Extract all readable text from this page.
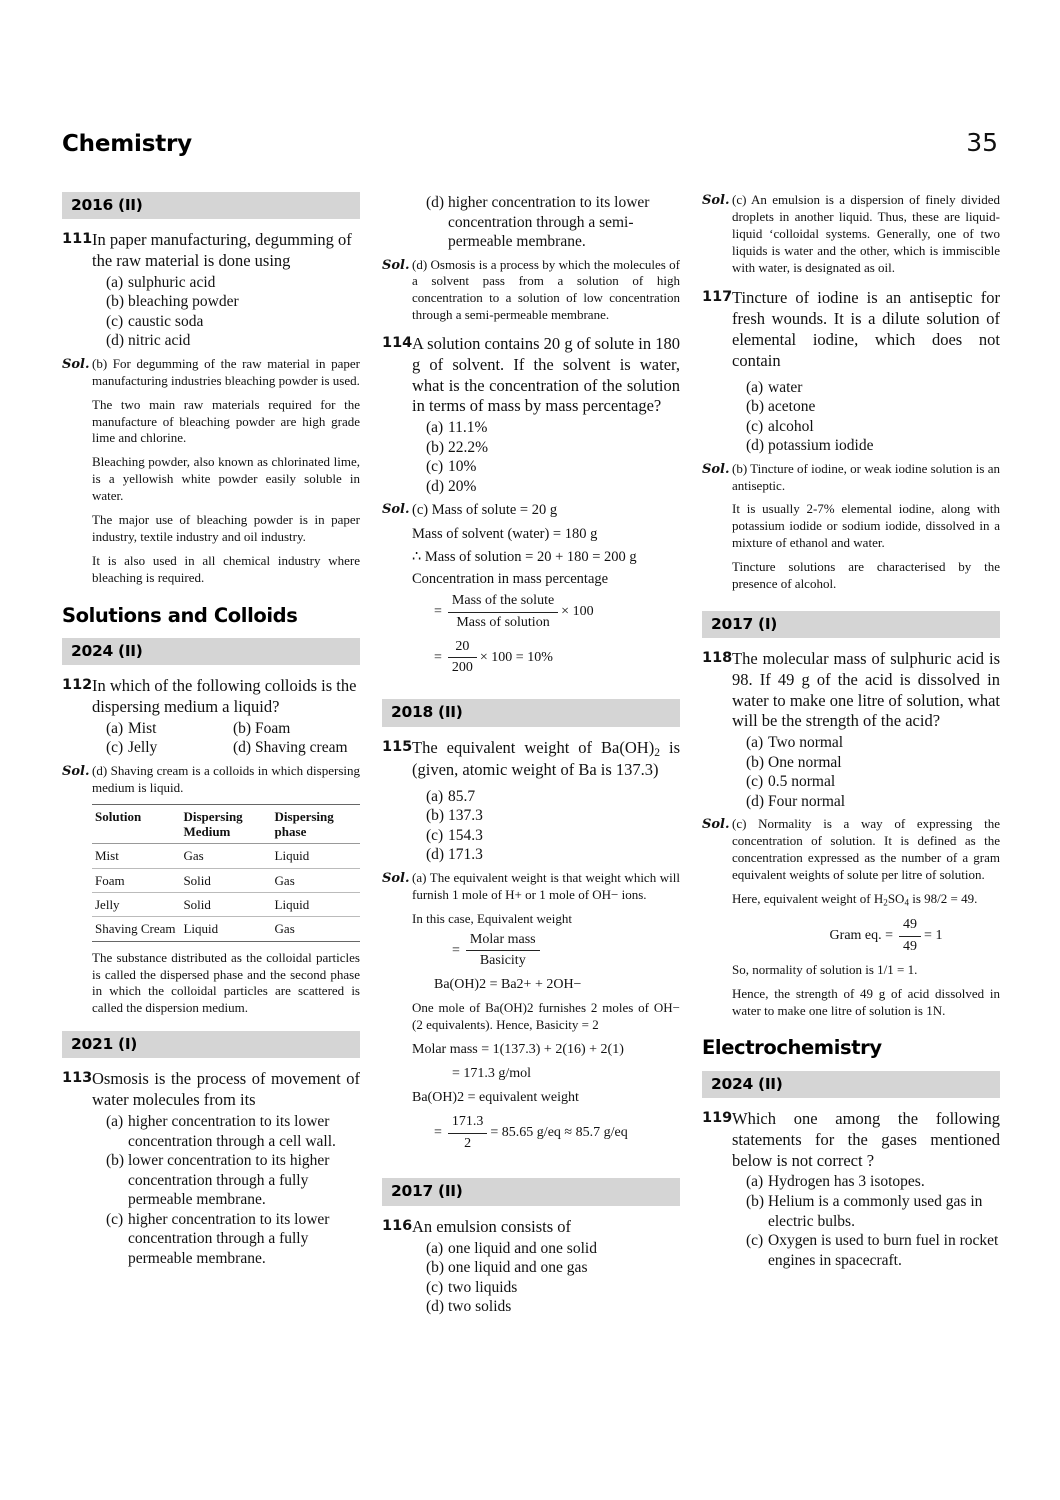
Chemistry	35
2016 (II)
111 In paper manufacturing, degumming of the raw material is done using
(a) sulphuric acid
(b) bleaching powder
(c) caustic soda
(d) nitric acid
Sol. (b) For degumming of the raw material in paper manufacturing industries bleaching powder is used.

The two main raw materials required for the manufacture of bleaching powder are high grade lime and chlorine.

Bleaching powder, also known as chlorinated lime, is a yellowish white powder easily soluble in water.

The major use of bleaching powder is in paper industry, textile industry and oil industry.

It is also used in all chemical industry where bleaching is required.

Solutions and Colloids
2024 (II)
112 In which of the following colloids is the dispersing medium a liquid?
(a) Mist	(b) Foam
(c) Jelly	(d) Shaving cream
Sol. (d) Shaving cream is a colloids in which dispersing medium is liquid.

Solution	Dispersing Medium	Dispersing phase
Mist	Gas	Liquid
Foam	Solid	Gas
Jelly	Solid	Liquid
Shaving Cream	Liquid	Gas

The substance distributed as the colloidal particles is called the dispersed phase and the second phase in which the colloidal particles are scattered is called the dispersion medium.

2021 (I)
113 Osmosis is the process of movement of water molecules from its
(a) higher concentration to its lower concentration through a cell wall.
(b) lower concentration to its higher concentration through a fully permeable membrane.
(c) higher concentration to its lower concentration through a fully permeable membrane.
(d) higher concentration to its lower concentration through a semi-permeable membrane.
Sol. (d) Osmosis is a process by which the molecules of a solvent pass from a solution of high concentration to a solution of low concentration through a semi-permeable membrane.

114 A solution contains 20 g of solute in 180 g of solvent. If the solvent is water, what is the concentration of the solution in terms of mass by mass percentage?
(a) 11.1%
(b) 22.2%
(c) 10%
(d) 20%
Sol. (c) Mass of solute = 20 g

Mass of solvent (water) = 180 g

∴ Mass of solution = 20 + 180 = 200 g

Concentration in mass percentage

= $\frac{\text{Mass of the solute}}{\text{Mass of solution}} \times 100$
= $\frac{20}{200} \times 100 = 10\%$
2018 (II)
115 The equivalent weight of $Ba(OH)_2$ is (given, atomic weight of Ba is 137.3)
(a) 85.7
(b) 137.3
(c) 154.3
(d) 171.3
Sol. (a) The equivalent weight is that weight which will furnish 1 mole of H+ or 1 mole of OH− ions.

In this case, Equivalent weight

= $\frac{\text{Molar mass}}{\text{Basicity}}$
Ba(OH)2 = Ba2+ + 2OH−

One mole of Ba(OH)2 furnishes 2 moles of OH− (2 equivalents). Hence, Basicity = 2

Molar mass = 1(137.3) + 2(16) + 2(1)
= 171.3 g/mol
Ba(OH)2 = equivalent weight
= $\frac{171.3}{2} = 85.65$ g/eq ≈ 85.7 g/eq
2017 (II)
116 An emulsion consists of
(a) one liquid and one solid
(b) one liquid and one gas
(c) two liquids
(d) two solids
Sol. (c) An emulsion is a dispersion of finely divided droplets in another liquid. Thus, these are liquid-liquid ‘colloidal systems. Generally, one of two liquids is water and the other, which is immiscible with water, is designated as oil.

117 Tincture of iodine is an antiseptic for fresh wounds. It is a dilute solution of elemental iodine, which does not contain
(a) water
(b) acetone
(c) alcohol
(d) potassium iodide
Sol. (b) Tincture of iodine, or weak iodine solution is an antiseptic.

It is usually 2-7% elemental iodine, along with potassium iodide or sodium iodide, dissolved in a mixture of ethanol and water.

Tincture solutions are characterised by the presence of alcohol.

2017 (I)
118 The molecular mass of sulphuric acid is 98. If 49 g of the acid is dissolved in water to make one litre of solution, what will be the strength of the acid?
(a) Two normal
(b) One normal
(c) 0.5 normal
(d) Four normal
Sol. (c) Normality is a way of expressing the concentration of solution. It is defined as the concentration expressed as the number of a gram equivalent weights of solute per litre of solution.

Here, equivalent weight of $H_2SO_4$ is 98/2 = 49.

Gram eq. = $\frac{49}{49} = 1$

So, normality of solution is 1/1 = 1.

Hence, the strength of 49 g of acid dissolved in water to make one litre of solution is 1N.

Electrochemistry
2024 (II)
119 Which one among the following statements for the gases mentioned below is not correct ?
(a) Hydrogen has 3 isotopes.
(b) Helium is a commonly used gas in electric bulbs.
(c) Oxygen is used to burn fuel in rocket engines in spacecraft.
